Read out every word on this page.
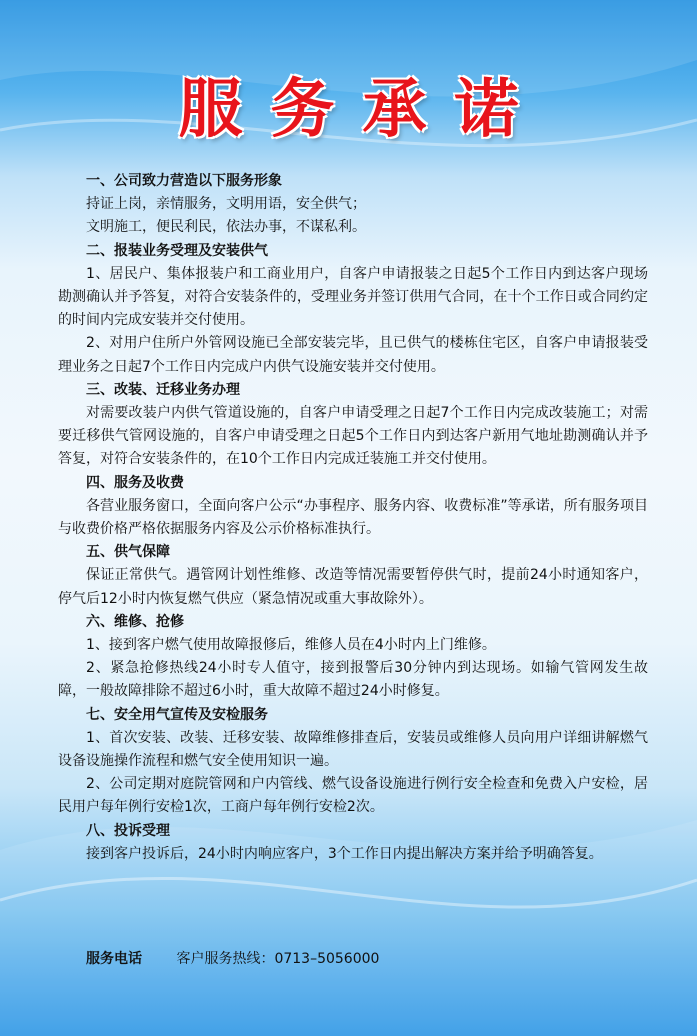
服务承诺
一、公司致力营造以下服务形象
持证上岗，亲情服务，文明用语，安全供气；
文明施工，便民利民，依法办事，不谋私利。
二、报装业务受理及安装供气
1、居民户、集体报装户和工商业用户，自客户申请报装之日起5个工作日内到达客户现场勘测确认并予答复，对符合安装条件的，受理业务并签订供用气合同，在十个工作日或合同约定的时间内完成安装并交付使用。
2、对用户住所户外管网设施已全部安装完毕，且已供气的楼栋住宅区，自客户申请报装受理业务之日起7个工作日内完成户内供气设施安装并交付使用。
三、改装、迁移业务办理
对需要改装户内供气管道设施的，自客户申请受理之日起7个工作日内完成改装施工；对需要迁移供气管网设施的，自客户申请受理之日起5个工作日内到达客户新用气地址勘测确认并予答复，对符合安装条件的，在10个工作日内完成迁装施工并交付使用。
四、服务及收费
各营业服务窗口，全面向客户公示“办事程序、服务内容、收费标准”等承诺，所有服务项目与收费价格严格依据服务内容及公示价格标准执行。
五、供气保障
保证正常供气。遇管网计划性维修、改造等情况需要暂停供气时，提前24小时通知客户，停气后12小时内恢复燃气供应（紧急情况或重大事故除外）。
六、维修、抢修
1、接到客户燃气使用故障报修后，维修人员在4小时内上门维修。
2、紧急抢修热线24小时专人值守，接到报警后30分钟内到达现场。如输气管网发生故障，一般故障排除不超过6小时，重大故障不超过24小时修复。
七、安全用气宣传及安检服务
1、首次安装、改装、迁移安装、故障维修排查后，安装员或维修人员向用户详细讲解燃气设备设施操作流程和燃气安全使用知识一遍。
2、公司定期对庭院管网和户内管线、燃气设备设施进行例行安全检查和免费入户安检，居民用户每年例行安检1次，工商户每年例行安检2次。
八、投诉受理
接到客户投诉后，24小时内响应客户，3个工作日内提出解决方案并给予明确答复。
服务电话 客户服务热线：0713–5056000
